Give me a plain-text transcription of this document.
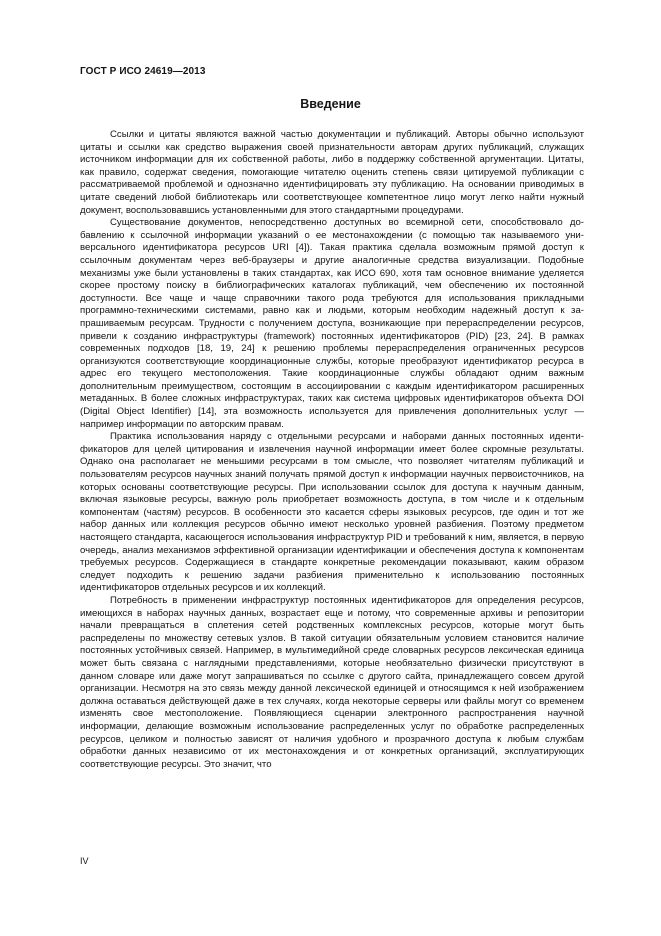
ГОСТ Р ИСО 24619—2013
Введение

Ссылки и цитаты являются важной частью документации и публикаций. Авторы обычно используют цитаты и ссылки как средство выражения своей признательности авторам других публикаций, служащих источником информации для их собственной работы, либо в поддержку собственной аргументации. Цитаты, как правило, содержат сведения, помогающие читателю оценить степень связи цитируемой публикации с рассматриваемой проблемой и однозначно идентифицировать эту публикацию. На основании приводимых в цитате сведений любой библиотекарь или соответствующее компетентное лицо могут легко найти нужный документ, воспользовавшись установленными для этого стандартными процедурами.

Существование документов, непосредственно доступных во всемирной сети, способствовало добавлению к ссылочной информации указаний о ее местонахождении (с помощью так называемого универсального идентификатора ресурсов URI [4]). Такая практика сделала возможным прямой доступ к ссылочным документам через веб-браузеры и другие аналогичные средства визуализации. Подобные механизмы уже были установлены в таких стандартах, как ИСО 690, хотя там основное внимание уделяется скорее простому поиску в библиографических каталогах публикаций, чем обеспечению их постоянной доступности. Все чаще и чаще справочники такого рода требуются для использования прикладными программно-техническими системами, равно как и людьми, которым необходим надежный доступ к запрашиваемым ресурсам. Трудности с получением доступа, возникающие при перераспределении ресурсов, привели к созданию инфраструктуры (framework) постоянных идентификаторов (PID) [23, 24]. В рамках современных подходов [18, 19, 24] к решению проблемы перераспределения ограниченных ресурсов организуются соответствующие координационные службы, которые преобразуют идентификатор ресурса в адрес его текущего местоположения. Такие координационные службы обладают одним важным дополнительным преимуществом, состоящим в ассоциировании с каждым идентификатором расширенных метаданных. В более сложных инфраструктурах, таких как система цифровых идентификаторов объекта DOI (Digital Object Identifier) [14], эта возможность используется для привлечения дополнительных услуг — например информации по авторским правам.

Практика использования наряду с отдельными ресурсами и наборами данных постоянных идентификаторов для целей цитирования и извлечения научной информации имеет более скромные результаты. Однако она располагает не меньшими ресурсами в том смысле, что позволяет читателям публикаций и пользователям ресурсов научных знаний получать прямой доступ к информации научных первоисточников, на которых основаны соответствующие ресурсы. При использовании ссылок для доступа к научным данным, включая языковые ресурсы, важную роль приобретает возможность доступа, в том числе и к отдельным компонентам (частям) ресурсов. В особенности это касается сферы языковых ресурсов, где один и тот же набор данных или коллекция ресурсов обычно имеют несколько уровней разбиения. Поэтому предметом настоящего стандарта, касающегося использования инфраструктур PID и требований к ним, является, в первую очередь, анализ механизмов эффективной организации идентификации и обеспечения доступа к компонентам требуемых ресурсов. Содержащиеся в стандарте конкретные рекомендации показывают, каким образом следует подходить к решению задачи разбиения применительно к использованию постоянных идентификаторов отдельных ресурсов и их коллекций.

Потребность в применении инфраструктур постоянных идентификаторов для определения ресурсов, имеющихся в наборах научных данных, возрастает еще и потому, что современные архивы и репозитории начали превращаться в сплетения сетей родственных комплексных ресурсов, которые могут быть распределены по множеству сетевых узлов. В такой ситуации обязательным условием становится наличие постоянных устойчивых связей. Например, в мультимедийной среде словарных ресурсов лексическая единица может быть связана с наглядными представлениями, которые необязательно физически присутствуют в данном словаре или даже могут запрашиваться по ссылке с другого сайта, принадлежащего совсем другой организации. Несмотря на это связь между данной лексической единицей и относящимся к ней изображением должна оставаться действующей даже в тех случаях, когда некоторые серверы или файлы могут со временем изменять свое местоположение. Появляющиеся сценарии электронного распространения научной информации, делающие возможным использование распределенных услуг по обработке распределенных ресурсов, целиком и полностью зависят от наличия удобного и прозрачного доступа к любым службам обработки данных независимо от их местонахождения и от конкретных организаций, эксплуатирующих соответствующие ресурсы. Это значит, что

IV
